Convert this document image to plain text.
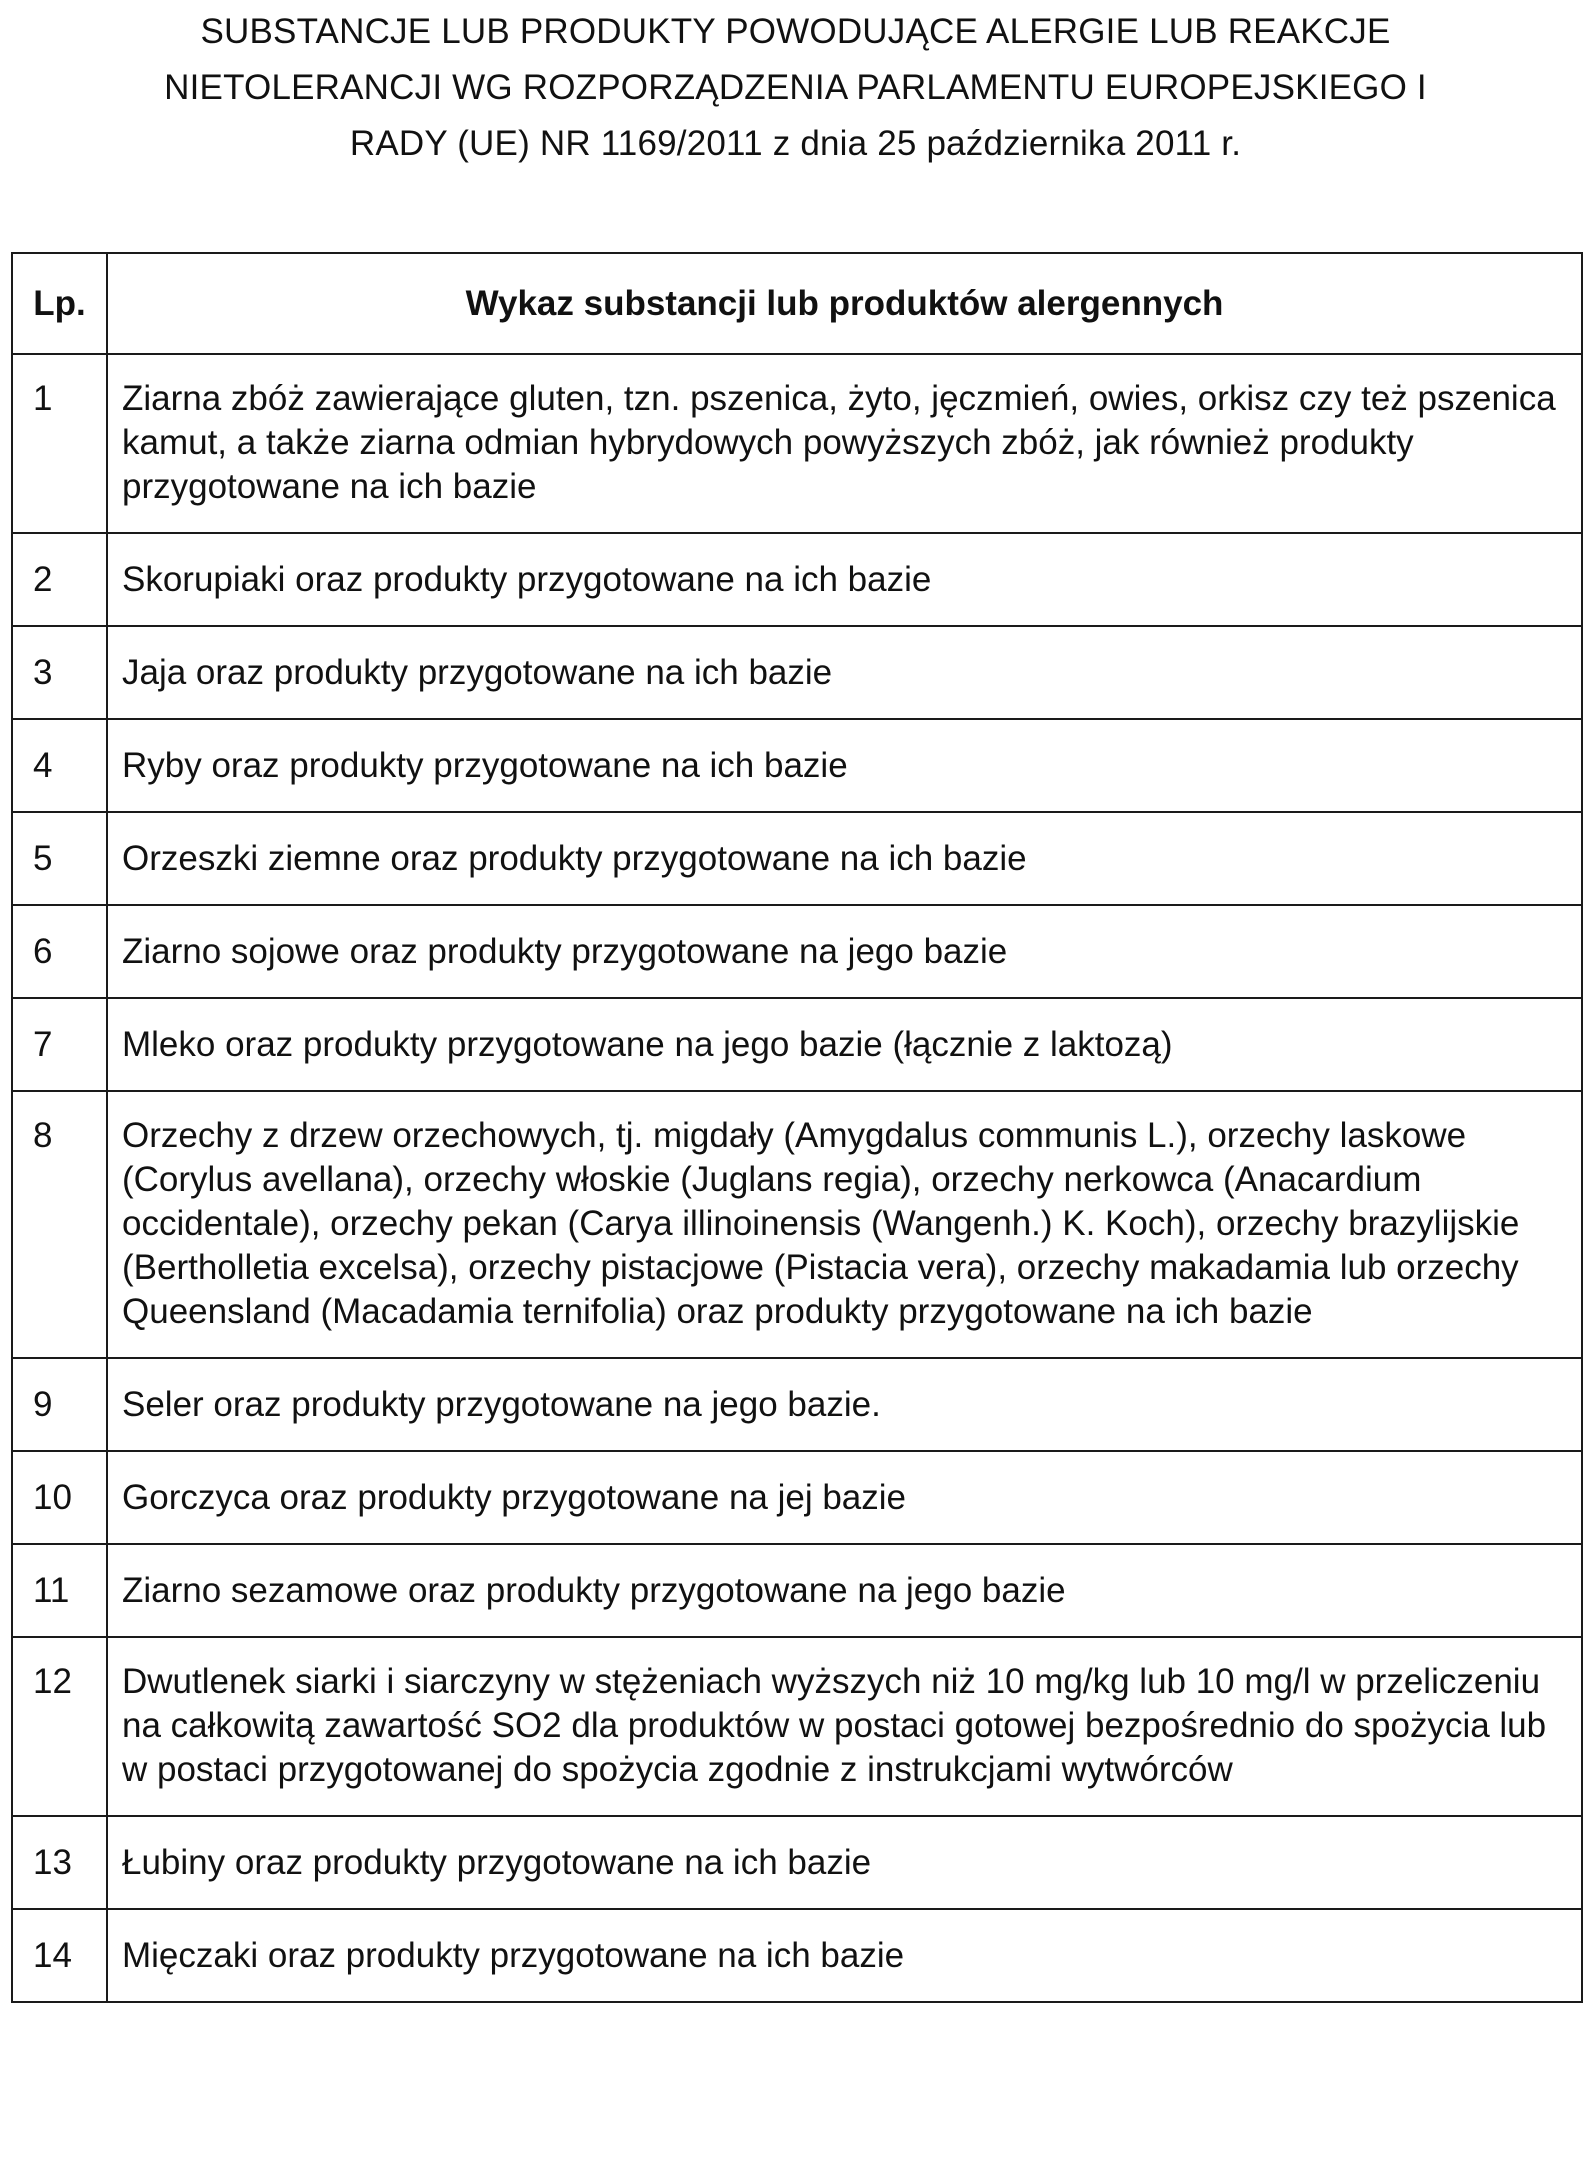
SUBSTANCJE LUB PRODUKTY POWODUJĄCE ALERGIE LUB REAKCJE
NIETOLERANCJI WG ROZPORZĄDZENIA PARLAMENTU EUROPEJSKIEGO I
RADY (UE) NR 1169/2011 z dnia 25 października 2011 r.
Lp.	Wykaz substancji lub produktów alergennych
1	Ziarna zbóż zawierające gluten, tzn. pszenica, żyto, jęczmień, owies, orkisz czy też pszenica kamut, a także ziarna odmian hybrydowych powyższych zbóż, jak również produkty przygotowane na ich bazie
2	Skorupiaki oraz produkty przygotowane na ich bazie
3	Jaja oraz produkty przygotowane na ich bazie
4	Ryby oraz produkty przygotowane na ich bazie
5	Orzeszki ziemne oraz produkty przygotowane na ich bazie
6	Ziarno sojowe oraz produkty przygotowane na jego bazie
7	Mleko oraz produkty przygotowane na jego bazie (łącznie z laktozą)
8	Orzechy z drzew orzechowych, tj. migdały (Amygdalus communis L.), orzechy laskowe (Corylus avellana), orzechy włoskie (Juglans regia), orzechy nerkowca (Anacardium occidentale), orzechy pekan (Carya illinoinensis (Wangenh.) K. Koch), orzechy brazylijskie (Bertholletia excelsa), orzechy pistacjowe (Pistacia vera), orzechy makadamia lub orzechy Queensland (Macadamia ternifolia) oraz produkty przygotowane na ich bazie
9	Seler oraz produkty przygotowane na jego bazie.
10	Gorczyca oraz produkty przygotowane na jej bazie
11	Ziarno sezamowe oraz produkty przygotowane na jego bazie
12	Dwutlenek siarki i siarczyny w stężeniach wyższych niż 10 mg/kg lub 10 mg/l w przeliczeniu na całkowitą zawartość SO2 dla produktów w postaci gotowej bezpośrednio do spożycia lub w postaci przygotowanej do spożycia zgodnie z instrukcjami wytwórców
13	Łubiny oraz produkty przygotowane na ich bazie
14	Mięczaki oraz produkty przygotowane na ich bazie
